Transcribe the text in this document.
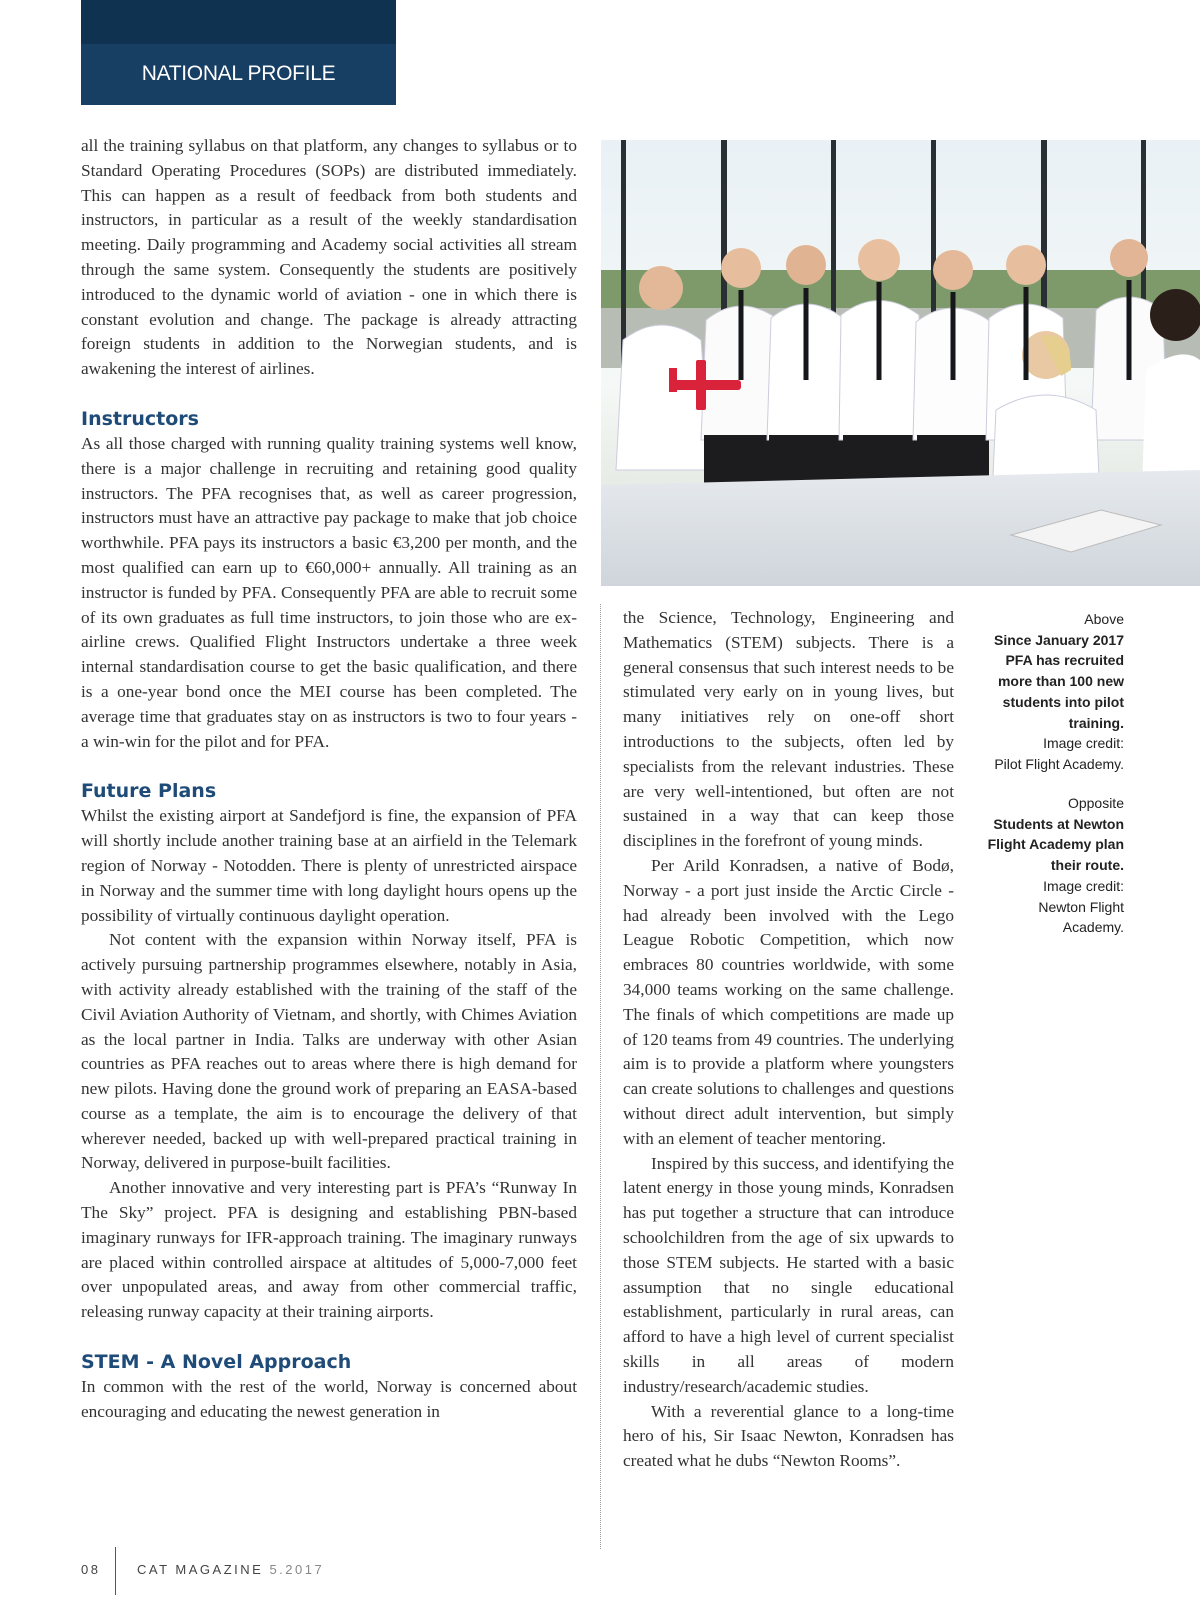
NATIONAL PROFILE

all the training syllabus on that platform, any changes to syllabus or to Standard Operating Procedures (SOPs) are distributed immediately. This can happen as a result of feedback from both students and instructors, in particular as a result of the weekly standardisation meeting. Daily programming and Academy social activities all stream through the same system. Consequently the students are positively introduced to the dynamic world of aviation - one in which there is constant evolution and change. The package is already attracting foreign students in addition to the Norwegian students, and is awakening the interest of airlines.

Instructors

As all those charged with running quality training systems well know, there is a major challenge in recruiting and retaining good quality instructors. The PFA recognises that, as well as career progression, instructors must have an attractive pay package to make that job choice worthwhile. PFA pays its instructors a basic €3,200 per month, and the most qualified can earn up to €60,000+ annually. All training as an instructor is funded by PFA. Consequently PFA are able to recruit some of its own graduates as full time instructors, to join those who are ex-airline crews. Qualified Flight Instructors undertake a three week internal standardisation course to get the basic qualification, and there is a one-year bond once the MEI course has been completed. The average time that graduates stay on as instructors is two to four years - a win-win for the pilot and for PFA.

Future Plans

Whilst the existing airport at Sandefjord is fine, the expansion of PFA will shortly include another training base at an airfield in the Telemark region of Norway - Notodden. There is plenty of unrestricted airspace in Norway and the summer time with long daylight hours opens up the possibility of virtually continuous daylight operation.

Not content with the expansion within Norway itself, PFA is actively pursuing partnership programmes elsewhere, notably in Asia, with activity already established with the training of the staff of the Civil Aviation Authority of Vietnam, and shortly, with Chimes Aviation as the local partner in India. Talks are underway with other Asian countries as PFA reaches out to areas where there is high demand for new pilots. Having done the ground work of preparing an EASA-based course as a template, the aim is to encourage the delivery of that wherever needed, backed up with well-prepared practical training in Norway, delivered in purpose-built facilities.

Another innovative and very interesting part is PFA’s “Runway In The Sky” project. PFA is designing and establishing PBN-based imaginary runways for IFR-approach training. The imaginary runways are placed within controlled airspace at altitudes of 5,000-7,000 feet over unpopulated areas, and away from other commercial traffic, releasing runway capacity at their training airports.

STEM - A Novel Approach

In common with the rest of the world, Norway is concerned about encouraging and educating the newest generation in

the Science, Technology, Engineering and Mathematics (STEM) subjects. There is a general consensus that such interest needs to be stimulated very early on in young lives, but many initiatives rely on one-off short introductions to the subjects, often led by specialists from the relevant industries. These are very well-intentioned, but often are not sustained in a way that can keep those disciplines in the forefront of young minds.

Per Arild Konradsen, a native of Bodø, Norway - a port just inside the Arctic Circle - had already been involved with the Lego League Robotic Competition, which now embraces 80 countries worldwide, with some 34,000 teams working on the same challenge. The finals of which competitions are made up of 120 teams from 49 countries. The underlying aim is to provide a platform where youngsters can create solutions to challenges and questions without direct adult intervention, but simply with an element of teacher mentoring.

Inspired by this success, and identifying the latent energy in those young minds, Konradsen has put together a structure that can introduce schoolchildren from the age of six upwards to those STEM subjects. He started with a basic assumption that no single educational establishment, particularly in rural areas, can afford to have a high level of current specialist skills in all areas of modern industry/research/academic studies.

With a reverential glance to a long-time hero of his, Sir Isaac Newton, Konradsen has created what he dubs “Newton Rooms”.

Above
Since January 2017 PFA has recruited more than 100 new students into pilot training.
Image credit:
Pilot Flight Academy.
Opposite
Students at Newton Flight Academy plan their route.
Image credit:
Newton Flight Academy.
08	CAT MAGAZINE 5.2017
